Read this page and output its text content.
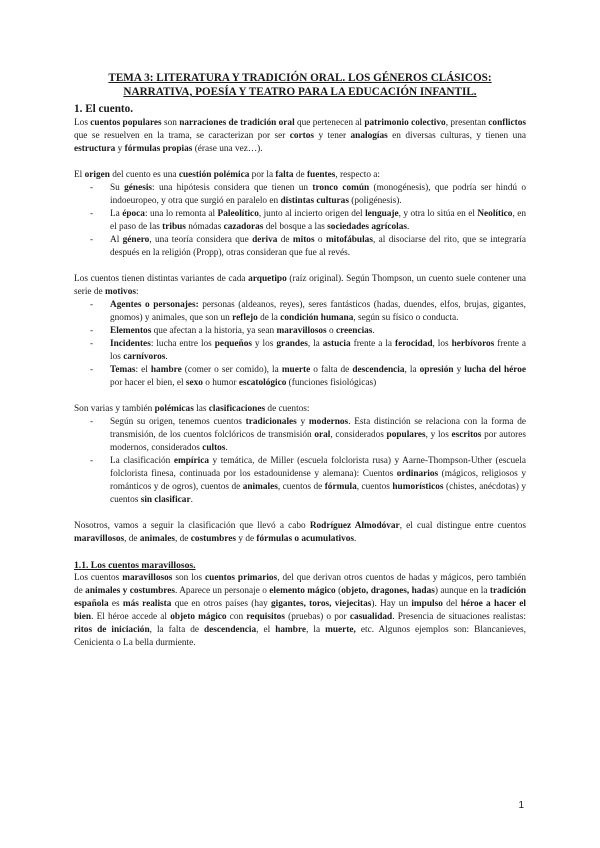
TEMA 3: LITERATURA Y TRADICIÓN ORAL. LOS GÉNEROS CLÁSICOS:
NARRATIVA, POESÍA Y TEATRO PARA LA EDUCACIÓN INFANTIL.
1. El cuento.

Los cuentos populares son narraciones de tradición oral que pertenecen al patrimonio colectivo, presentan conflictos que se resuelven en la trama, se caracterizan por ser cortos y tener analogías en diversas culturas, y tienen una estructura y fórmulas propias (érase una vez…).

El origen del cuento es una cuestión polémica por la falta de fuentes, respecto a:

- Su génesis: una hipótesis considera que tienen un tronco común (monogénesis), que podría ser hindú o indoeuropeo, y otra que surgió en paralelo en distintas culturas (poligénesis).
- La época: una lo remonta al Paleolítico, junto al incierto origen del lenguaje, y otra lo sitúa en el Neolítico, en el paso de las tribus nómadas cazadoras del bosque a las sociedades agrícolas.
- Al género, una teoría considera que deriva de mitos o mitofábulas, al disociarse del rito, que se integraría después en la religión (Propp), otras consideran que fue al revés.

Los cuentos tienen distintas variantes de cada arquetipo (raíz original). Según Thompson, un cuento suele contener una serie de motivos:

- Agentes o personajes: personas (aldeanos, reyes), seres fantásticos (hadas, duendes, elfos, brujas, gigantes, gnomos) y animales, que son un reflejo de la condición humana, según su físico o conducta.
- Elementos que afectan a la historia, ya sean maravillosos o creencias.
- Incidentes: lucha entre los pequeños y los grandes, la astucia frente a la ferocidad, los herbívoros frente a los carnívoros.
- Temas: el hambre (comer o ser comido), la muerte o falta de descendencia, la opresión y lucha del héroe por hacer el bien, el sexo o humor escatológico (funciones fisiológicas)

Son varias y también polémicas las clasificaciones de cuentos:

- Según su origen, tenemos cuentos tradicionales y modernos. Esta distinción se relaciona con la forma de transmisión, de los cuentos folclóricos de transmisión oral, considerados populares, y los escritos por autores modernos, considerados cultos.
- La clasificación empírica y temática, de Miller (escuela folclorista rusa) y Aarne-Thompson-Uther (escuela folclorista finesa, continuada por los estadounidense y alemana): Cuentos ordinarios (mágicos, religiosos y románticos y de ogros), cuentos de animales, cuentos de fórmula, cuentos humorísticos (chistes, anécdotas) y cuentos sin clasificar.

Nosotros, vamos a seguir la clasificación que llevó a cabo Rodríguez Almodóvar, el cual distingue entre cuentos maravillosos, de animales, de costumbres y de fórmulas o acumulativos.

1.1. Los cuentos maravillosos.

Los cuentos maravillosos son los cuentos primarios, del que derivan otros cuentos de hadas y mágicos, pero también de animales y costumbres. Aparece un personaje o elemento mágico (objeto, dragones, hadas) aunque en la tradición española es más realista que en otros países (hay gigantes, toros, viejecitas). Hay un impulso del héroe a hacer el bien. El héroe accede al objeto mágico con requisitos (pruebas) o por casualidad. Presencia de situaciones realistas: ritos de iniciación, la falta de descendencia, el hambre, la muerte, etc. Algunos ejemplos son: Blancanieves, Cenicienta o La bella durmiente.

1
